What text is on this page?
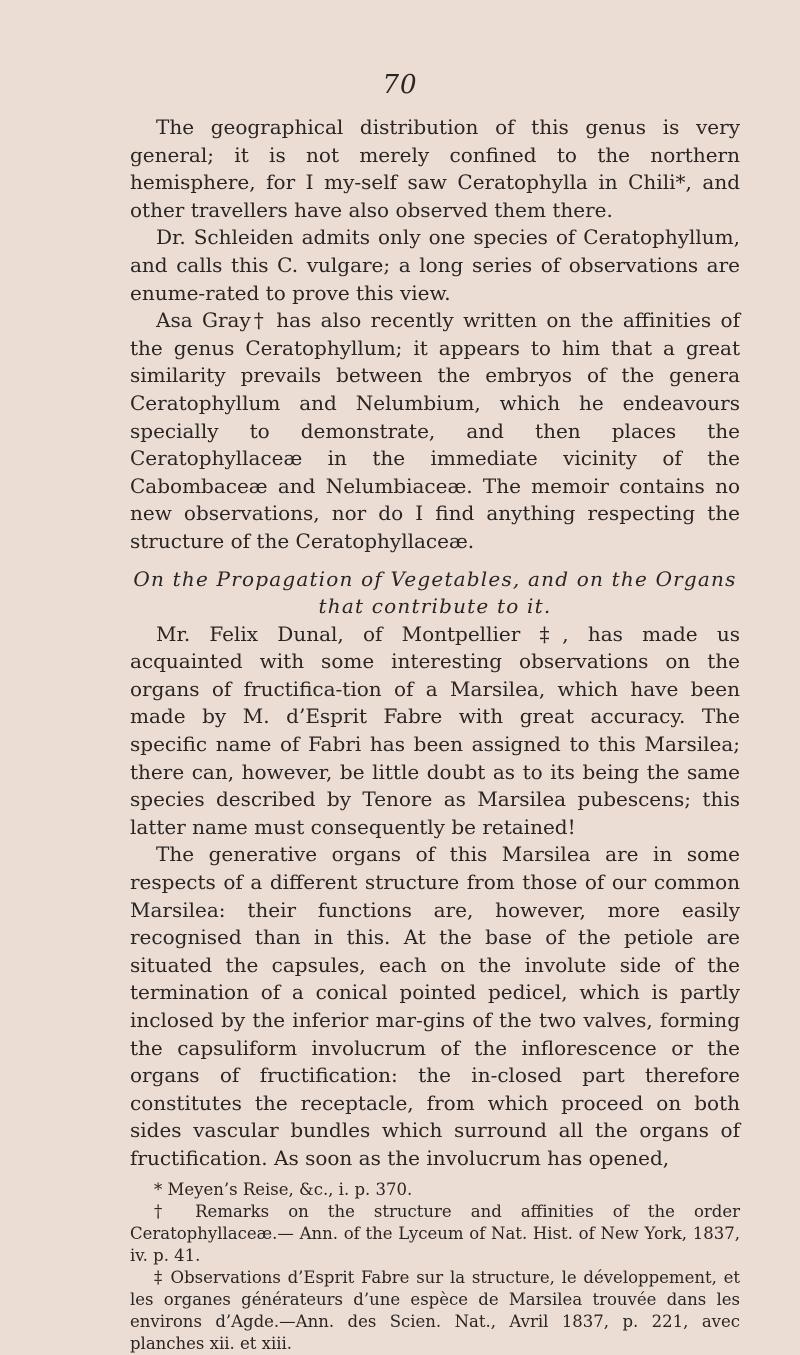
70

The geographical distribution of this genus is very general; it is not merely confined to the northern hemisphere, for I my-self saw Ceratophylla in Chili*, and other travellers have also observed them there.

Dr. Schleiden admits only one species of Ceratophyllum, and calls this C. vulgare; a long series of observations are enume-rated to prove this view.

Asa Gray† has also recently written on the affinities of the genus Ceratophyllum; it appears to him that a great similarity prevails between the embryos of the genera Ceratophyllum and Nelumbium, which he endeavours specially to demonstrate, and then places the Ceratophyllaceæ in the immediate vicinity of the Cabombaceæ and Nelumbiaceæ. The memoir contains no new observations, nor do I find anything respecting the structure of the Ceratophyllaceæ.

On the Propagation of Vegetables, and on the Organs that contribute to it.

Mr. Felix Dunal, of Montpellier ‡, has made us acquainted with some interesting observations on the organs of fructifica-tion of a Marsilea, which have been made by M. d’Esprit Fabre with great accuracy. The specific name of Fabri has been assigned to this Marsilea; there can, however, be little doubt as to its being the same species described by Tenore as Marsilea pubescens; this latter name must consequently be retained!

The generative organs of this Marsilea are in some respects of a different structure from those of our common Marsilea: their functions are, however, more easily recognised than in this. At the base of the petiole are situated the capsules, each on the involute side of the termination of a conical pointed pedicel, which is partly inclosed by the inferior mar-gins of the two valves, forming the capsuliform involucrum of the inflorescence or the organs of fructification: the in-closed part therefore constitutes the receptacle, from which proceed on both sides vascular bundles which surround all the organs of fructification. As soon as the involucrum has opened,

* Meyen’s Reise, &c., i. p. 370.

† Remarks on the structure and affinities of the order Ceratophyllaceæ.— Ann. of the Lyceum of Nat. Hist. of New York, 1837, iv. p. 41.

‡ Observations d’Esprit Fabre sur la structure, le développement, et les organes générateurs d’une espèce de Marsilea trouvée dans les environs d’Agde.—Ann. des Scien. Nat., Avril 1837, p. 221, avec planches xii. et xiii.
